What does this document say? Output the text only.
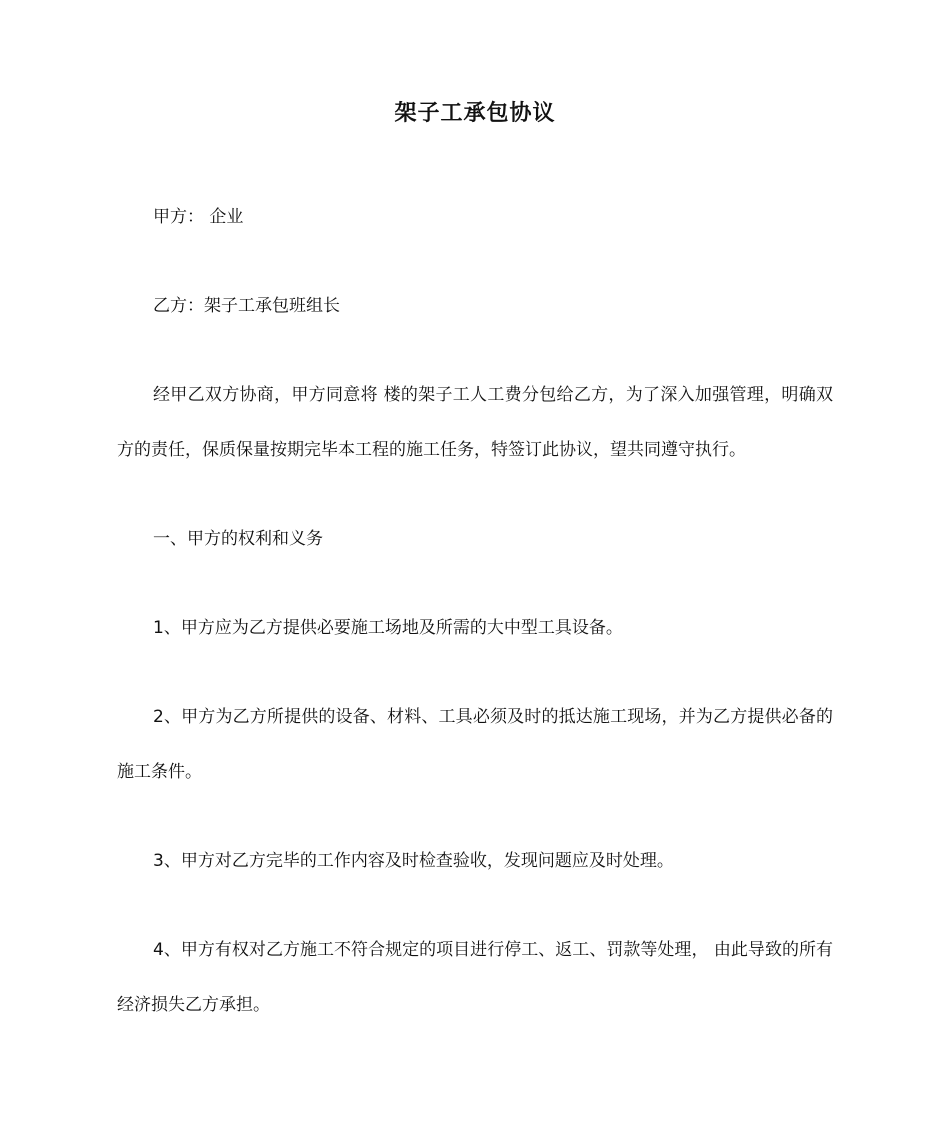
架子工承包协议

甲方： 企业

乙方：架子工承包班组长

经甲乙双方协商，甲方同意将 楼的架子工人工费分包给乙方，为了深入加强管理，明确双方的责任，保质保量按期完毕本工程的施工任务，特签订此协议，望共同遵守执行。

一、甲方的权利和义务

1、甲方应为乙方提供必要施工场地及所需的大中型工具设备。

2、甲方为乙方所提供的设备、材料、工具必须及时的抵达施工现场，并为乙方提供必备的施工条件。

3、甲方对乙方完毕的工作内容及时检查验收，发现问题应及时处理。

4、甲方有权对乙方施工不符合规定的项目进行停工、返工、罚款等处理， 由此导致的所有经济损失乙方承担。
